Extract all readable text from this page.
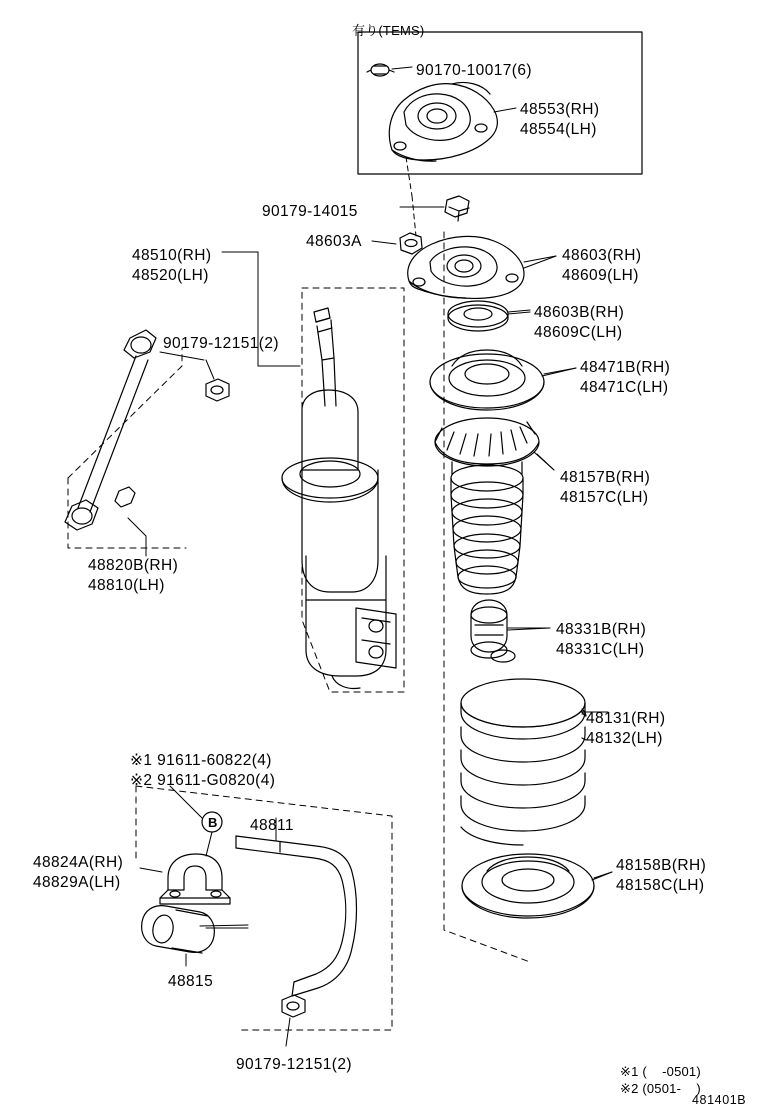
有り(TEMS)
90170-10017(6)
48553(RH)
48554(LH)
90179-14015
48603A
48510(RH)
48520(LH)
48603(RH)
48609(LH)
48603B(RH)
48609C(LH)
90179-12151(2)
48471B(RH)
48471C(LH)
48157B(RH)
48157C(LH)
48820B(RH)
48810(LH)
48331B(RH)
48331C(LH)
48131(RH)
48132(LH)
※1 91611-60822(4)
※2 91611-G0820(4)
48811
48158B(RH)
48158C(LH)
48824A(RH)
48829A(LH)
48815
90179-12151(2)	※1 (    -0501)
※2 (0501-    )
481401B
B
